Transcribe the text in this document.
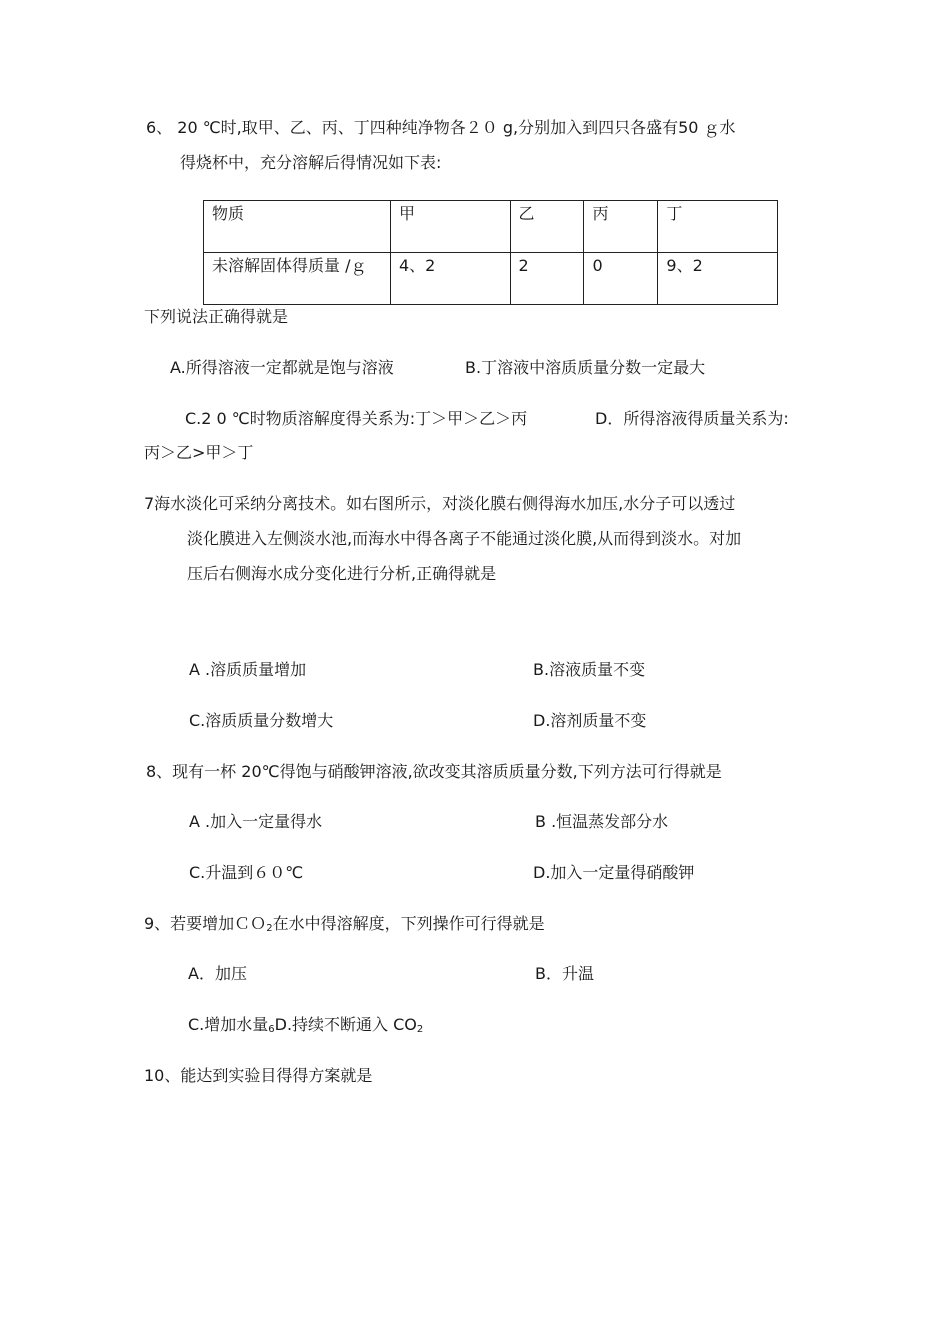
6、 20 ℃时,取甲、乙、丙、丁四种纯净物各２０ g,分别加入到四只各盛有50 ｇ水
得烧杯中，充分溶解后得情况如下表:
物质	甲	乙	丙	丁
未溶解固体得质量 /ｇ	4、2	2	0	9、2
下列说法正确得就是
A.所得溶液一定都就是饱与溶液	B.丁溶液中溶质质量分数一定最大
C.2 0 ℃时物质溶解度得关系为:丁＞甲＞乙＞丙	D．所得溶液得质量关系为:
丙＞乙>甲＞丁
7海水淡化可采纳分离技术。如右图所示，对淡化膜右侧得海水加压,水分子可以透过
淡化膜进入左侧淡水池,而海水中得各离子不能通过淡化膜,从而得到淡水。对加
压后右侧海水成分变化进行分析,正确得就是
A .溶质质量增加	B.溶液质量不变
C.溶质质量分数增大	D.溶剂质量不变
8、现有一杯 20℃得饱与硝酸钾溶液,欲改变其溶质质量分数,下列方法可行得就是
A .加入一定量得水	B .恒温蒸发部分水
C.升温到６０℃	D.加入一定量得硝酸钾
9、若要增加ＣＯ$_2$在水中得溶解度，下列操作可行得就是
A．加压	B．升温
C.增加水量$_6$D.持续不断通入 $CO_2$
10、能达到实验目得得方案就是
